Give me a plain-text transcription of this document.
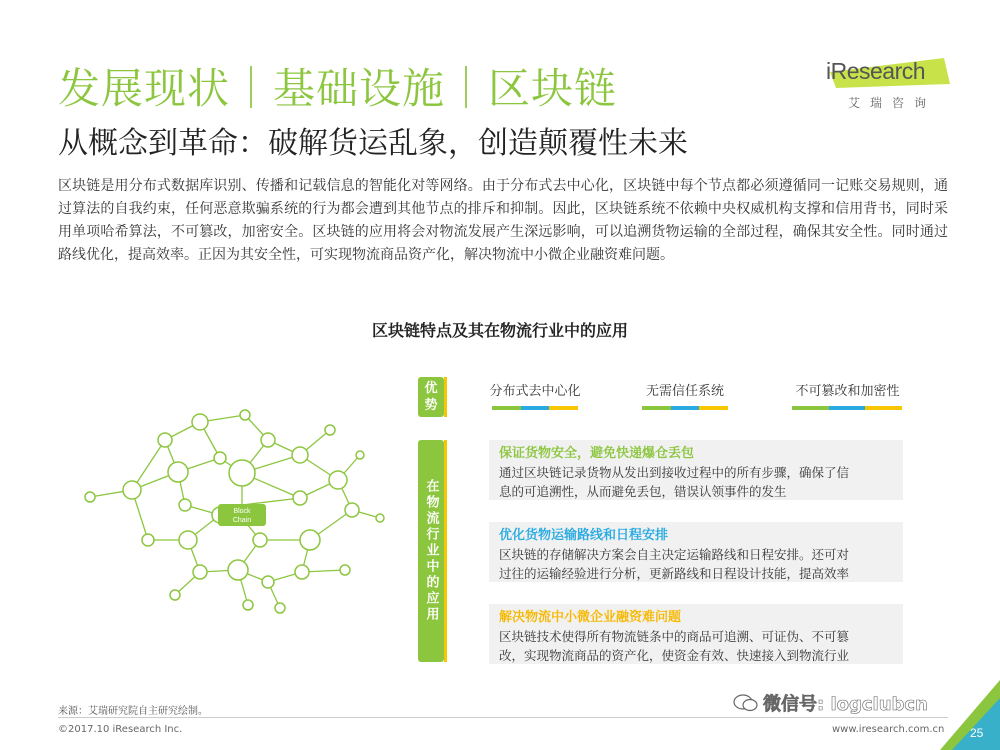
发展现状｜基础设施｜区块链
从概念到革命：破解货运乱象，创造颠覆性未来
iResearch
艾瑞咨询
区块链是用分布式数据库识别、传播和记载信息的智能化对等网络。由于分布式去中心化，区块链中每个节点都必须遵循同一记账交易规则，通过算法的自我约束，任何恶意欺骗系统的行为都会遭到其他节点的排斥和抑制。因此，区块链系统不依赖中央权威机构支撑和信用背书，同时采用单项哈希算法，不可篡改，加密安全。区块链的应用将会对物流发展产生深远影响，可以追溯货物运输的全部过程，确保其安全性。同时通过路线优化，提高效率。正因为其安全性，可实现物流商品资产化，解决物流中小微企业融资难问题。
区块链特点及其在物流行业中的应用
Block
Chain
优
势
分布式去中心化	无需信任系统	不可篡改和加密性
在物流行业中的应用
保证货物安全，避免快递爆仓丢包
通过区块链记录货物从发出到接收过程中的所有步骤，确保了信
息的可追溯性，从而避免丢包，错误认领事件的发生
优化货物运输路线和日程安排
区块链的存储解决方案会自主决定运输路线和日程安排。还可对
过往的运输经验进行分析，更新路线和日程设计技能，提高效率
解决物流中小微企业融资难问题
区块链技术使得所有物流链条中的商品可追溯、可证伪、不可篡
改，实现物流商品的资产化，使资金有效、快速接入到物流行业
来源：艾瑞研究院自主研究绘制。
©2017.10 iResearch Inc.	www.iresearch.com.cn
微信号: logclubcn
25
